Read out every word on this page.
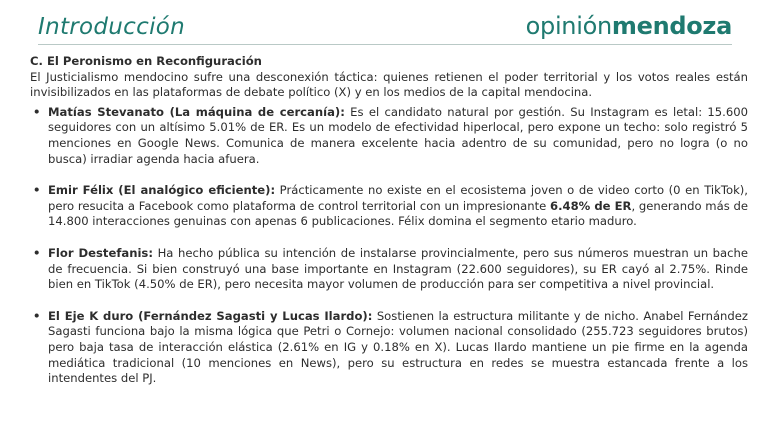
Introducción	opiniónmendoza

C. El Peronismo en Reconfiguración

El Justicialismo mendocino sufre una desconexión táctica: quienes retienen el poder territorial y los votos reales están invisibilizados en las plataformas de debate político (X) y en los medios de la capital mendocina.

• Matías Stevanato (La máquina de cercanía): Es el candidato natural por gestión. Su Instagram es letal: 15.600 seguidores con un altísimo 5.01% de ER. Es un modelo de efectividad hiperlocal, pero expone un techo: solo registró 5 menciones en Google News. Comunica de manera excelente hacia adentro de su comunidad, pero no logra (o no busca) irradiar agenda hacia afuera.
• Emir Félix (El analógico eficiente): Prácticamente no existe en el ecosistema joven o de video corto (0 en TikTok), pero resucita a Facebook como plataforma de control territorial con un impresionante 6.48% de ER, generando más de 14.800 interacciones genuinas con apenas 6 publicaciones. Félix domina el segmento etario maduro.
• Flor Destefanis: Ha hecho pública su intención de instalarse provincialmente, pero sus números muestran un bache de frecuencia. Si bien construyó una base importante en Instagram (22.600 seguidores), su ER cayó al 2.75%. Rinde bien en TikTok (4.50% de ER), pero necesita mayor volumen de producción para ser competitiva a nivel provincial.
• El Eje K duro (Fernández Sagasti y Lucas Ilardo): Sostienen la estructura militante y de nicho. Anabel Fernández Sagasti funciona bajo la misma lógica que Petri o Cornejo: volumen nacional consolidado (255.723 seguidores brutos) pero baja tasa de interacción elástica (2.61% en IG y 0.18% en X). Lucas Ilardo mantiene un pie firme en la agenda mediática tradicional (10 menciones en News), pero su estructura en redes se muestra estancada frente a los intendentes del PJ.
